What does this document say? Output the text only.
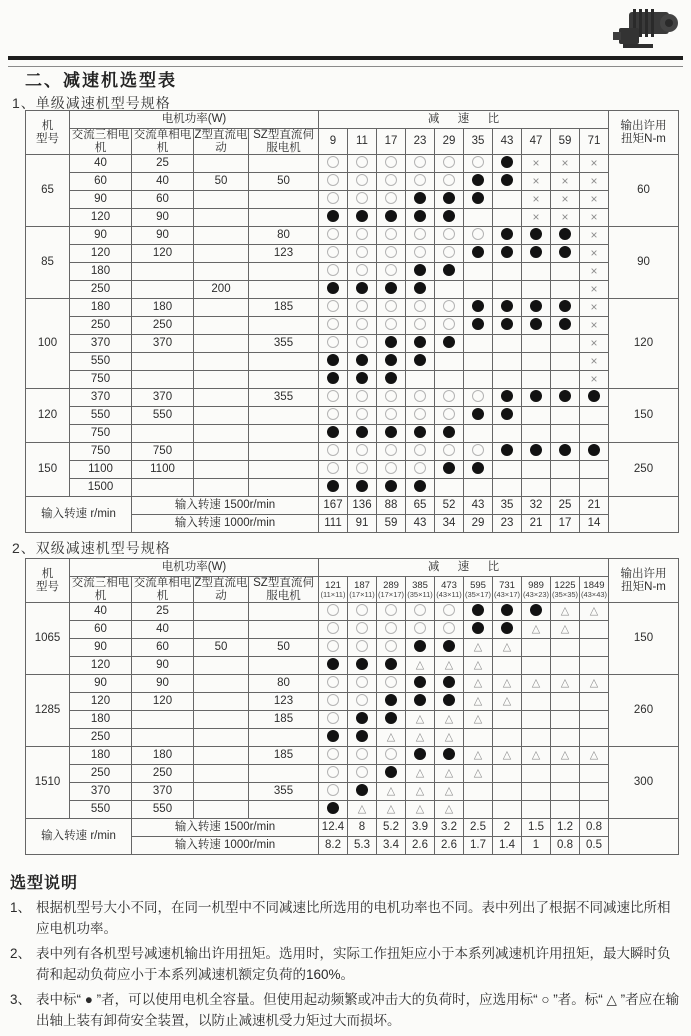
二、减速机选型表
1、单级减速机型号规格
机
型号	电机功率(W)				减速比										输出许用
扭矩N-m
	交流三相电机	交流单相电机	Z型直流电动	SZ型直流伺服电机	9	11	17	23	29	35	43	47	59	71	
65	40	25										×	×	×	60
	60	40	50	50								×	×	×	
	90	60										×	×	×	
	120	90										×	×	×	
85	90	90		80										×	90
	120	120		123										×	
	180													×	
	250		200											×	
100	180	180		185										×	120
	250	250												×	
	370	370		355										×	
	550													×	
	750													×	
120	370	370		355											150
	550	550													
	750														
150	750	750													250
	1100	1100													
	1500														
输入转速 r/min		输入转速 1500r/min			167	136	88	65	52	43	35	32	25	21	
		输入转速 1000r/min			111	91	59	43	34	29	23	21	17	14	
2、双级减速机型号规格
机
型号	电机功率(W)				减速比										输出许用
扭矩N-m
交流三相电机	交流单相电机	Z型直流电动	SZ型直流伺服电机	
121
(11×11)

187
(17×11)

289
(17×17)

385
(35×11)

473
(43×11)

595
(35×17)

731
(43×17)

989
(43×23)

1225
(35×35)

1849
(43×43)

1065	40	25											△	△	150
	60	40										△	△		
	90	60	50	50						△	△				
	120	90						△	△	△					
1285	90	90		80						△	△	△	△	△	260
	120	120		123						△	△				
	180			185				△	△	△					
	250						△	△	△						
1510	180	180		185						△	△	△	△	△	300
	250	250						△	△	△					
	370	370		355			△	△	△						
	550	550				△	△	△	△						
输入转速 r/min		输入转速 1500r/min			12.4	8	5.2	3.9	3.2	2.5	2	1.5	1.2	0.8	
		输入转速 1000r/min			8.2	5.3	3.4	2.6	2.6	1.7	1.4	1	0.8	0.5	
选型说明
1、 根据机型号大小不同，在同一机型中不同减速比所选用的电机功率也不同。表中列出了根据不同减速比所相应电机功率。
2、 表中列有各机型号减速机输出许用扭矩。选用时，实际工作扭矩应小于本系列减速机许用扭矩，最大瞬时负荷和起动负荷应小于本系列减速机额定负荷的160%。
3、 表中标“ ● ”者，可以使用电机全容量。但使用起动频繁或冲击大的负荷时，应选用标“ ○ ”者。标“ △ ”者应在输出轴上装有卸荷安全装置，以防止减速机受力矩过大而损坏。
